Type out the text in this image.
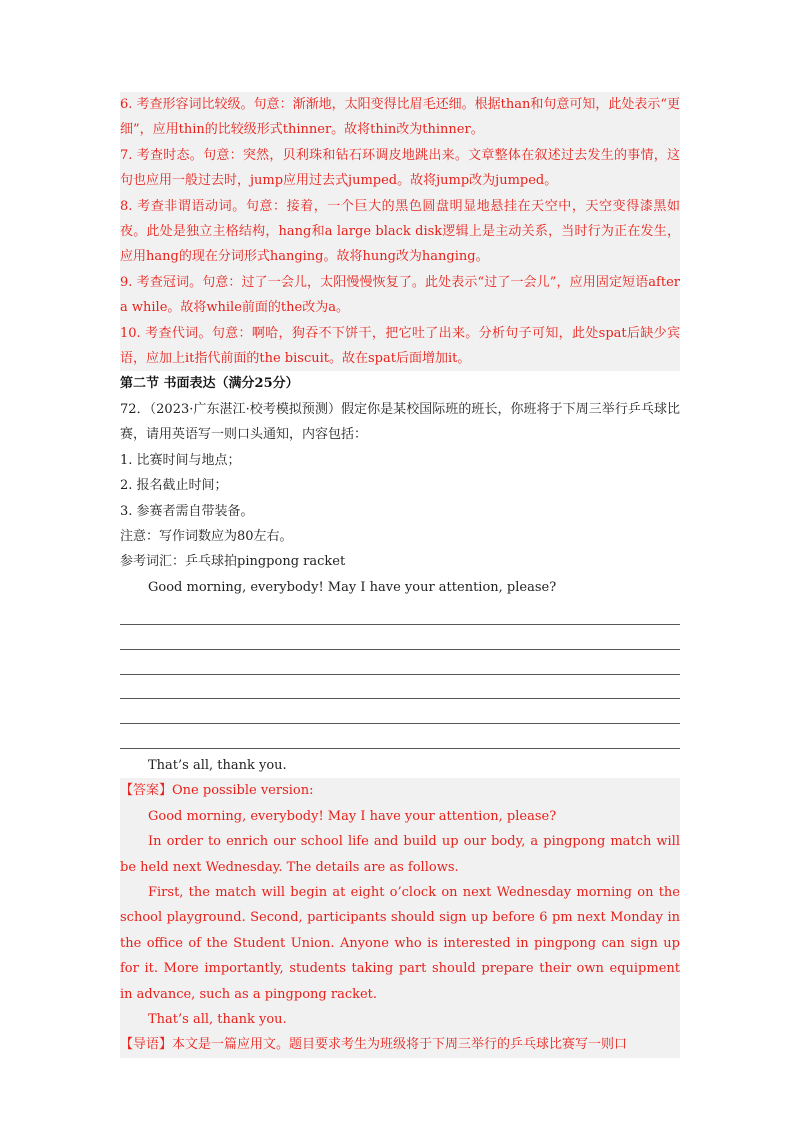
6. 考查形容词比较级。句意：渐渐地，太阳变得比眉毛还细。根据than和句意可知，此处表示“更细”，应用thin的比较级形式thinner。故将thin改为thinner。

7. 考查时态。句意：突然，贝利珠和钻石环调皮地跳出来。文章整体在叙述过去发生的事情，这句也应用一般过去时，jump应用过去式jumped。故将jump改为jumped。

8. 考查非谓语动词。句意：接着，一个巨大的黑色圆盘明显地悬挂在天空中，天空变得漆黑如夜。此处是独立主格结构，hang和a large black disk逻辑上是主动关系，当时行为正在发生，应用hang的现在分词形式hanging。故将hung改为hanging。

9. 考查冠词。句意：过了一会儿，太阳慢慢恢复了。此处表示“过了一会儿”，应用固定短语after a while。故将while前面的the改为a。

10. 考查代词。句意：啊哈，狗吞不下饼干，把它吐了出来。分析句子可知，此处spat后缺少宾语，应加上it指代前面的the biscuit。故在spat后面增加it。

第二节 书面表达（满分25分）

72．（2023·广东湛江·校考模拟预测）假定你是某校国际班的班长，你班将于下周三举行乒乓球比赛，请用英语写一则口头通知，内容包括：

1. 比赛时间与地点；

2. 报名截止时间；

3. 参赛者需自带装备。

注意：写作词数应为80左右。

参考词汇：乒乓球拍pingpong racket

Good morning, everybody! May I have your attention, please?

That’s all, thank you.

【答案】One possible version:

Good morning, everybody! May I have your attention, please?

In order to enrich our school life and build up our body, a pingpong match will be held next Wednesday. The details are as follows.

First, the match will begin at eight o’clock on next Wednesday morning on the school playground. Second, participants should sign up before 6 pm next Monday in the office of the Student Union. Anyone who is interested in pingpong can sign up for it. More importantly, students taking part should prepare their own equipment in advance, such as a pingpong racket.

That’s all, thank you.

【导语】本文是一篇应用文。题目要求考生为班级将于下周三举行的乒乓球比赛写一则口
